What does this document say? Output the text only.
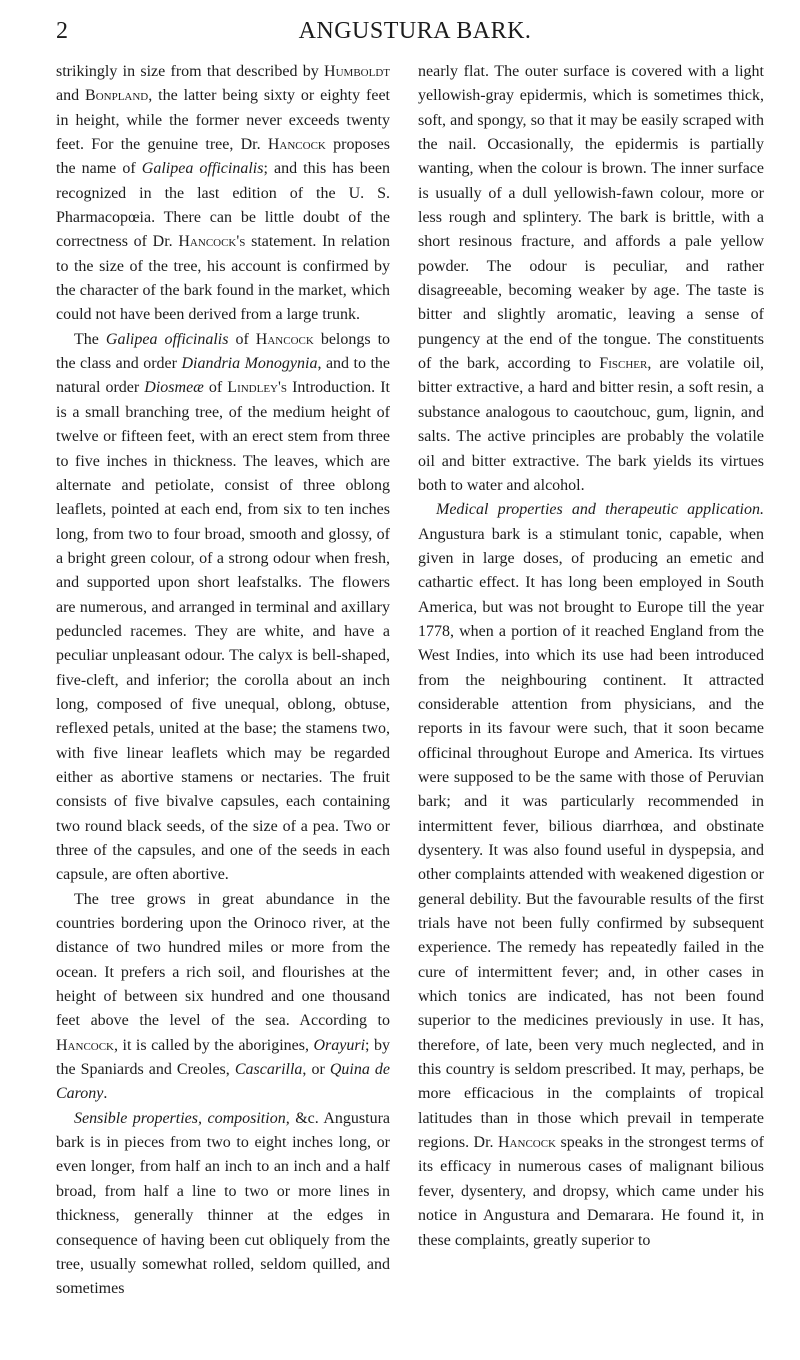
2	ANGUSTURA BARK.

strikingly in size from that described by Humboldt and Bonpland, the latter being sixty or eighty feet in height, while the former never exceeds twenty feet. For the genuine tree, Dr. Hancock proposes the name of Galipea officinalis; and this has been recognized in the last edition of the U. S. Pharmacopœia. There can be little doubt of the correctness of Dr. Hancock's statement. In relation to the size of the tree, his account is confirmed by the character of the bark found in the market, which could not have been derived from a large trunk.

The Galipea officinalis of Hancock belongs to the class and order Diandria Monogynia, and to the natural order Diosmeæ of Lindley's Introduction. It is a small branching tree, of the medium height of twelve or fifteen feet, with an erect stem from three to five inches in thickness. The leaves, which are alternate and petiolate, consist of three oblong leaflets, pointed at each end, from six to ten inches long, from two to four broad, smooth and glossy, of a bright green colour, of a strong odour when fresh, and supported upon short leafstalks. The flowers are numerous, and arranged in terminal and axillary peduncled racemes. They are white, and have a peculiar unpleasant odour. The calyx is bell-shaped, five-cleft, and inferior; the corolla about an inch long, composed of five unequal, oblong, obtuse, reflexed petals, united at the base; the stamens two, with five linear leaflets which may be regarded either as abortive stamens or nectaries. The fruit consists of five bivalve capsules, each containing two round black seeds, of the size of a pea. Two or three of the capsules, and one of the seeds in each capsule, are often abortive.

The tree grows in great abundance in the countries bordering upon the Orinoco river, at the distance of two hundred miles or more from the ocean. It prefers a rich soil, and flourishes at the height of between six hundred and one thousand feet above the level of the sea. According to Hancock, it is called by the aborigines, Orayuri; by the Spaniards and Creoles, Cascarilla, or Quina de Carony.

Sensible properties, composition, &c. Angustura bark is in pieces from two to eight inches long, or even longer, from half an inch to an inch and a half broad, from half a line to two or more lines in thickness, generally thinner at the edges in consequence of having been cut obliquely from the tree, usually somewhat rolled, seldom quilled, and sometimes

nearly flat. The outer surface is covered with a light yellowish-gray epidermis, which is sometimes thick, soft, and spongy, so that it may be easily scraped with the nail. Occasionally, the epidermis is partially wanting, when the colour is brown. The inner surface is usually of a dull yellowish-fawn colour, more or less rough and splintery. The bark is brittle, with a short resinous fracture, and affords a pale yellow powder. The odour is peculiar, and rather disagreeable, becoming weaker by age. The taste is bitter and slightly aromatic, leaving a sense of pungency at the end of the tongue. The constituents of the bark, according to Fischer, are volatile oil, bitter extractive, a hard and bitter resin, a soft resin, a substance analogous to caoutchouc, gum, lignin, and salts. The active principles are probably the volatile oil and bitter extractive. The bark yields its virtues both to water and alcohol.

Medical properties and therapeutic application. Angustura bark is a stimulant tonic, capable, when given in large doses, of producing an emetic and cathartic effect. It has long been employed in South America, but was not brought to Europe till the year 1778, when a portion of it reached England from the West Indies, into which its use had been introduced from the neighbouring continent. It attracted considerable attention from physicians, and the reports in its favour were such, that it soon became officinal throughout Europe and America. Its virtues were supposed to be the same with those of Peruvian bark; and it was particularly recommended in intermittent fever, bilious diarrhœa, and obstinate dysentery. It was also found useful in dyspepsia, and other complaints attended with weakened digestion or general debility. But the favourable results of the first trials have not been fully confirmed by subsequent experience. The remedy has repeatedly failed in the cure of intermittent fever; and, in other cases in which tonics are indicated, has not been found superior to the medicines previously in use. It has, therefore, of late, been very much neglected, and in this country is seldom prescribed. It may, perhaps, be more efficacious in the complaints of tropical latitudes than in those which prevail in temperate regions. Dr. Hancock speaks in the strongest terms of its efficacy in numerous cases of malignant bilious fever, dysentery, and dropsy, which came under his notice in Angustura and Demarara. He found it, in these complaints, greatly superior to
